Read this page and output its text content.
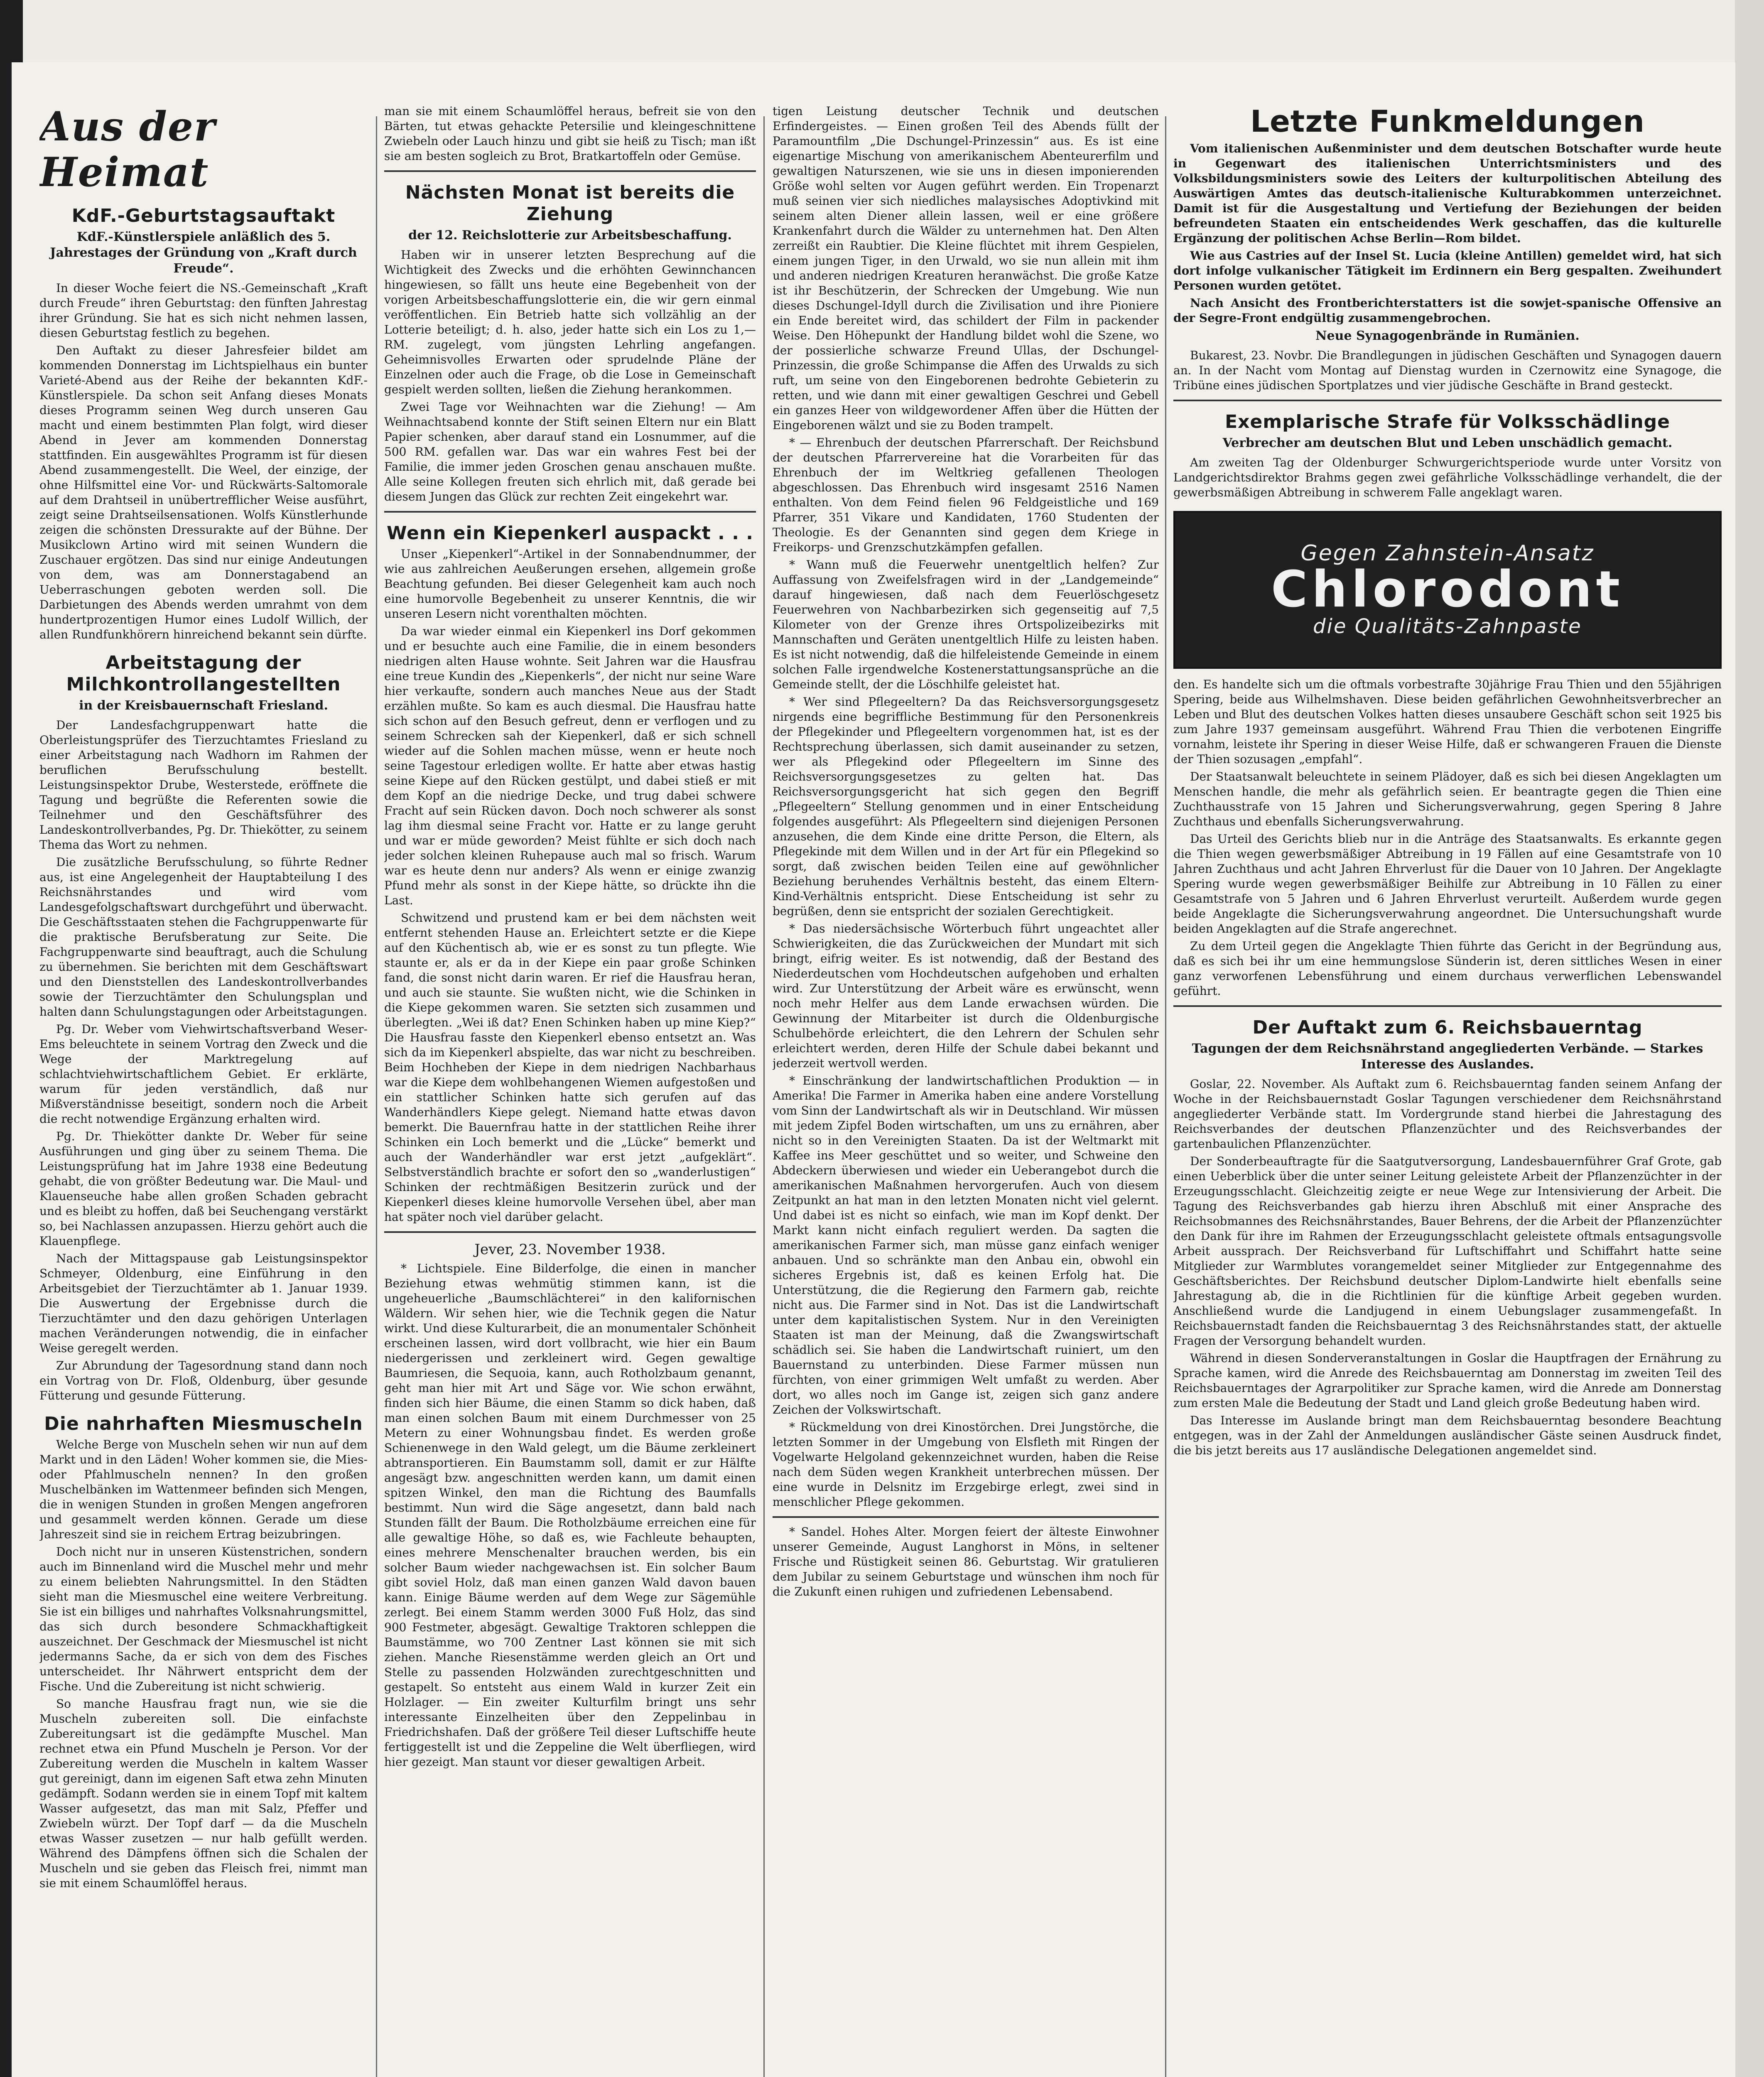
Aus der Heimat
KdF.-Geburtstagsauftakt
KdF.-Künstlerspiele anläßlich des 5. Jahrestages der Gründung von „Kraft durch Freude“.

In dieser Woche feiert die NS.-Gemeinschaft „Kraft durch Freude“ ihren Geburtstag: den fünften Jahrestag ihrer Gründung. Sie hat es sich nicht nehmen lassen, diesen Geburtstag festlich zu begehen.

Den Auftakt zu dieser Jahresfeier bildet am kommenden Donnerstag im Lichtspielhaus ein bunter Varieté-Abend aus der Reihe der bekannten KdF.-Künstlerspiele. Da schon seit Anfang dieses Monats dieses Programm seinen Weg durch unseren Gau macht und einem bestimmten Plan folgt, wird dieser Abend in Jever am kommenden Donnerstag stattfinden. Ein ausgewähltes Programm ist für diesen Abend zusammengestellt. Die Weel, der einzige, der ohne Hilfsmittel eine Vor- und Rückwärts-Saltomorale auf dem Drahtseil in unübertrefflicher Weise ausführt, zeigt seine Drahtseilsensationen. Wolfs Künstlerhunde zeigen die schönsten Dressurakte auf der Bühne. Der Musikclown Artino wird mit seinen Wundern die Zuschauer ergötzen. Das sind nur einige Andeutungen von dem, was am Donnerstagabend an Ueberraschungen geboten werden soll. Die Darbietungen des Abends werden umrahmt von dem hundertprozentigen Humor eines Ludolf Willich, der allen Rundfunkhörern hinreichend bekannt sein dürfte.

Arbeitstagung der Milchkontrollangestellten
in der Kreisbauernschaft Friesland.

Der Landesfachgruppenwart hatte die Oberleistungsprüfer des Tierzuchtamtes Friesland zu einer Arbeitstagung nach Wadhorn im Rahmen der beruflichen Berufsschulung bestellt. Leistungsinspektor Drube, Westerstede, eröffnete die Tagung und begrüßte die Referenten sowie die Teilnehmer und den Geschäftsführer des Landeskontrollverbandes, Pg. Dr. Thiekötter, zu seinem Thema das Wort zu nehmen.

Die zusätzliche Berufsschulung, so führte Redner aus, ist eine Angelegenheit der Hauptabteilung I des Reichsnährstandes und wird vom Landesgefolgschaftswart durchgeführt und überwacht. Die Geschäftsstaaten stehen die Fachgruppenwarte für die praktische Berufsberatung zur Seite. Die Fachgruppenwarte sind beauftragt, auch die Schulung zu übernehmen. Sie berichten mit dem Geschäftswart und den Dienststellen des Landeskontrollverbandes sowie der Tierzuchtämter den Schulungsplan und halten dann Schulungstagungen oder Arbeitstagungen.

Pg. Dr. Weber vom Viehwirtschaftsverband Weser-Ems beleuchtete in seinem Vortrag den Zweck und die Wege der Marktregelung auf schlachtviehwirtschaftlichem Gebiet. Er erklärte, warum für jeden verständlich, daß nur Mißverständnisse beseitigt, sondern noch die Arbeit die recht notwendige Ergänzung erhalten wird.

Pg. Dr. Thiekötter dankte Dr. Weber für seine Ausführungen und ging über zu seinem Thema. Die Leistungsprüfung hat im Jahre 1938 eine Bedeutung gehabt, die von größter Bedeutung war. Die Maul- und Klauenseuche habe allen großen Schaden gebracht und es bleibt zu hoffen, daß bei Seuchengang verstärkt so, bei Nachlassen anzupassen. Hierzu gehört auch die Klauenpflege.

Nach der Mittagspause gab Leistungsinspektor Schmeyer, Oldenburg, eine Einführung in den Arbeitsgebiet der Tierzuchtämter ab 1. Januar 1939. Die Auswertung der Ergebnisse durch die Tierzuchtämter und den dazu gehörigen Unterlagen machen Veränderungen notwendig, die in einfacher Weise geregelt werden.

Zur Abrundung der Tagesordnung stand dann noch ein Vortrag von Dr. Floß, Oldenburg, über gesunde Fütterung und gesunde Fütterung.

Die nahrhaften Miesmuscheln

Welche Berge von Muscheln sehen wir nun auf dem Markt und in den Läden! Woher kommen sie, die Mies- oder Pfahlmuscheln nennen? In den großen Muschelbänken im Wattenmeer befinden sich Mengen, die in wenigen Stunden in großen Mengen angefroren und gesammelt werden können. Gerade um diese Jahreszeit sind sie in reichem Ertrag beizubringen.

Doch nicht nur in unseren Küstenstrichen, sondern auch im Binnenland wird die Muschel mehr und mehr zu einem beliebten Nahrungsmittel. In den Städten sieht man die Miesmuschel eine weitere Verbreitung. Sie ist ein billiges und nahrhaftes Volksnahrungsmittel, das sich durch besondere Schmackhaftigkeit auszeichnet. Der Geschmack der Miesmuschel ist nicht jedermanns Sache, da er sich von dem des Fisches unterscheidet. Ihr Nährwert entspricht dem der Fische. Und die Zubereitung ist nicht schwierig.

So manche Hausfrau fragt nun, wie sie die Muscheln zubereiten soll. Die einfachste Zubereitungsart ist die gedämpfte Muschel. Man rechnet etwa ein Pfund Muscheln je Person. Vor der Zubereitung werden die Muscheln in kaltem Wasser gut gereinigt, dann im eigenen Saft etwa zehn Minuten gedämpft. Sodann werden sie in einem Topf mit kaltem Wasser aufgesetzt, das man mit Salz, Pfeffer und Zwiebeln würzt. Der Topf darf — da die Muscheln etwas Wasser zusetzen — nur halb gefüllt werden. Während des Dämpfens öffnen sich die Schalen der Muscheln und sie geben das Fleisch frei, nimmt man sie mit einem Schaumlöffel heraus.

man sie mit einem Schaumlöffel heraus, befreit sie von den Bärten, tut etwas gehackte Petersilie und kleingeschnittene Zwiebeln oder Lauch hinzu und gibt sie heiß zu Tisch; man ißt sie am besten sogleich zu Brot, Bratkartoffeln oder Gemüse.

Nächsten Monat ist bereits die Ziehung
der 12. Reichslotterie zur Arbeitsbeschaffung.

Haben wir in unserer letzten Besprechung auf die Wichtigkeit des Zwecks und die erhöhten Gewinnchancen hingewiesen, so fällt uns heute eine Begebenheit von der vorigen Arbeitsbeschaffungslotterie ein, die wir gern einmal veröffentlichen. Ein Betrieb hatte sich vollzählig an der Lotterie beteiligt; d. h. also, jeder hatte sich ein Los zu 1,— RM. zugelegt, vom jüngsten Lehrling angefangen. Geheimnisvolles Erwarten oder sprudelnde Pläne der Einzelnen oder auch die Frage, ob die Lose in Gemeinschaft gespielt werden sollten, ließen die Ziehung herankommen.

Zwei Tage vor Weihnachten war die Ziehung! — Am Weihnachtsabend konnte der Stift seinen Eltern nur ein Blatt Papier schenken, aber darauf stand ein Losnummer, auf die 500 RM. gefallen war. Das war ein wahres Fest bei der Familie, die immer jeden Groschen genau anschauen mußte. Alle seine Kollegen freuten sich ehrlich mit, daß gerade bei diesem Jungen das Glück zur rechten Zeit eingekehrt war.

Wenn ein Kiepenkerl auspackt . . .

Unser „Kiepenkerl“-Artikel in der Sonnabendnummer, der wie aus zahlreichen Aeußerungen ersehen, allgemein große Beachtung gefunden. Bei dieser Gelegenheit kam auch noch eine humorvolle Begebenheit zu unserer Kenntnis, die wir unseren Lesern nicht vorenthalten möchten.

Da war wieder einmal ein Kiepenkerl ins Dorf gekommen und er besuchte auch eine Familie, die in einem besonders niedrigen alten Hause wohnte. Seit Jahren war die Hausfrau eine treue Kundin des „Kiepenkerls“, der nicht nur seine Ware hier verkaufte, sondern auch manches Neue aus der Stadt erzählen mußte. So kam es auch diesmal. Die Hausfrau hatte sich schon auf den Besuch gefreut, denn er verflogen und zu seinem Schrecken sah der Kiepenkerl, daß er sich schnell wieder auf die Sohlen machen müsse, wenn er heute noch seine Tagestour erledigen wollte. Er hatte aber etwas hastig seine Kiepe auf den Rücken gestülpt, und dabei stieß er mit dem Kopf an die niedrige Decke, und trug dabei schwere Fracht auf sein Rücken davon. Doch noch schwerer als sonst lag ihm diesmal seine Fracht vor. Hatte er zu lange geruht und war er müde geworden? Meist fühlte er sich doch nach jeder solchen kleinen Ruhepause auch mal so frisch. Warum war es heute denn nur anders? Als wenn er einige zwanzig Pfund mehr als sonst in der Kiepe hätte, so drückte ihn die Last.

Schwitzend und prustend kam er bei dem nächsten weit entfernt stehenden Hause an. Erleichtert setzte er die Kiepe auf den Küchentisch ab, wie er es sonst zu tun pflegte. Wie staunte er, als er da in der Kiepe ein paar große Schinken fand, die sonst nicht darin waren. Er rief die Hausfrau heran, und auch sie staunte. Sie wußten nicht, wie die Schinken in die Kiepe gekommen waren. Sie setzten sich zusammen und überlegten. „Wei iß dat? Enen Schinken haben up mine Kiep?“ Die Hausfrau fasste den Kiepenkerl ebenso entsetzt an. Was sich da im Kiepenkerl abspielte, das war nicht zu beschreiben. Beim Hochheben der Kiepe in dem niedrigen Nachbarhaus war die Kiepe dem wohlbehangenen Wiemen aufgestoßen und ein stattlicher Schinken hatte sich gerufen auf das Wanderhändlers Kiepe gelegt. Niemand hatte etwas davon bemerkt. Die Bauernfrau hatte in der stattlichen Reihe ihrer Schinken ein Loch bemerkt und die „Lücke“ bemerkt und auch der Wanderhändler war erst jetzt „aufgeklärt“. Selbstverständlich brachte er sofort den so „wanderlustigen“ Schinken der rechtmäßigen Besitzerin zurück und der Kiepenkerl dieses kleine humorvolle Versehen übel, aber man hat später noch viel darüber gelacht.

Jever, 23. November 1938.

* Lichtspiele. Eine Bilderfolge, die einen in mancher Beziehung etwas wehmütig stimmen kann, ist die ungeheuerliche „Baumschlächterei“ in den kalifornischen Wäldern. Wir sehen hier, wie die Technik gegen die Natur wirkt. Und diese Kulturarbeit, die an monumentaler Schönheit erscheinen lassen, wird dort vollbracht, wie hier ein Baum niedergerissen und zerkleinert wird. Gegen gewaltige Baumriesen, die Sequoia, kann, auch Rotholzbaum genannt, geht man hier mit Art und Säge vor. Wie schon erwähnt, finden sich hier Bäume, die einen Stamm so dick haben, daß man einen solchen Baum mit einem Durchmesser von 25 Metern zu einer Wohnungsbau findet. Es werden große Schienenwege in den Wald gelegt, um die Bäume zerkleinert abtransportieren. Ein Baumstamm soll, damit er zur Hälfte angesägt bzw. angeschnitten werden kann, um damit einen spitzen Winkel, den man die Richtung des Baumfalls bestimmt. Nun wird die Säge angesetzt, dann bald nach Stunden fällt der Baum. Die Rotholzbäume erreichen eine für alle gewaltige Höhe, so daß es, wie Fachleute behaupten, eines mehrere Menschenalter brauchen werden, bis ein solcher Baum wieder nachgewachsen ist. Ein solcher Baum gibt soviel Holz, daß man einen ganzen Wald davon bauen kann. Einige Bäume werden auf dem Wege zur Sägemühle zerlegt. Bei einem Stamm werden 3000 Fuß Holz, das sind 900 Festmeter, abgesägt. Gewaltige Traktoren schleppen die Baumstämme, wo 700 Zentner Last können sie mit sich ziehen. Manche Riesenstämme werden gleich an Ort und Stelle zu passenden Holzwänden zurechtgeschnitten und gestapelt. So entsteht aus einem Wald in kurzer Zeit ein Holzlager. — Ein zweiter Kulturfilm bringt uns sehr interessante Einzelheiten über den Zeppelinbau in Friedrichshafen. Daß der größere Teil dieser Luftschiffe heute fertiggestellt ist und die Zeppeline die Welt überfliegen, wird hier gezeigt. Man staunt vor dieser gewaltigen Arbeit.

tigen Leistung deutscher Technik und deutschen Erfindergeistes. — Einen großen Teil des Abends füllt der Paramountfilm „Die Dschungel-Prinzessin“ aus. Es ist eine eigenartige Mischung von amerikanischem Abenteurerfilm und gewaltigen Naturszenen, wie sie uns in diesen imponierenden Größe wohl selten vor Augen geführt werden. Ein Tropenarzt muß seinen vier sich niedliches malaysisches Adoptivkind mit seinem alten Diener allein lassen, weil er eine größere Krankenfahrt durch die Wälder zu unternehmen hat. Den Alten zerreißt ein Raubtier. Die Kleine flüchtet mit ihrem Gespielen, einem jungen Tiger, in den Urwald, wo sie nun allein mit ihm und anderen niedrigen Kreaturen heranwächst. Die große Katze ist ihr Beschützerin, der Schrecken der Umgebung. Wie nun dieses Dschungel-Idyll durch die Zivilisation und ihre Pioniere ein Ende bereitet wird, das schildert der Film in packender Weise. Den Höhepunkt der Handlung bildet wohl die Szene, wo der possierliche schwarze Freund Ullas, der Dschungel-Prinzessin, die große Schimpanse die Affen des Urwalds zu sich ruft, um seine von den Eingeborenen bedrohte Gebieterin zu retten, und wie dann mit einer gewaltigen Geschrei und Gebell ein ganzes Heer von wildgewordener Affen über die Hütten der Eingeborenen wälzt und sie zu Boden trampelt.

* — Ehrenbuch der deutschen Pfarrerschaft. Der Reichsbund der deutschen Pfarrervereine hat die Vorarbeiten für das Ehrenbuch der im Weltkrieg gefallenen Theologen abgeschlossen. Das Ehrenbuch wird insgesamt 2516 Namen enthalten. Von dem Feind fielen 96 Feldgeistliche und 169 Pfarrer, 351 Vikare und Kandidaten, 1760 Studenten der Theologie. Es der Genannten sind gegen dem Kriege in Freikorps- und Grenzschutzkämpfen gefallen.

* Wann muß die Feuerwehr unentgeltlich helfen? Zur Auffassung von Zweifelsfragen wird in der „Landgemeinde“ darauf hingewiesen, daß nach dem Feuerlöschgesetz Feuerwehren von Nachbarbezirken sich gegenseitig auf 7,5 Kilometer von der Grenze ihres Ortspolizeibezirks mit Mannschaften und Geräten unentgeltlich Hilfe zu leisten haben. Es ist nicht notwendig, daß die hilfeleistende Gemeinde in einem solchen Falle irgendwelche Kostenerstattungsansprüche an die Gemeinde stellt, der die Löschhilfe geleistet hat.

* Wer sind Pflegeeltern? Da das Reichsversorgungsgesetz nirgends eine begriffliche Bestimmung für den Personenkreis der Pflegekinder und Pflegeeltern vorgenommen hat, ist es der Rechtsprechung überlassen, sich damit auseinander zu setzen, wer als Pflegekind oder Pflegeeltern im Sinne des Reichsversorgungsgesetzes zu gelten hat. Das Reichsversorgungsgericht hat sich gegen den Begriff „Pflegeeltern“ Stellung genommen und in einer Entscheidung folgendes ausgeführt: Als Pflegeeltern sind diejenigen Personen anzusehen, die dem Kinde eine dritte Person, die Eltern, als Pflegekinde mit dem Willen und in der Art für ein Pflegekind so sorgt, daß zwischen beiden Teilen eine auf gewöhnlicher Beziehung beruhendes Verhältnis besteht, das einem Eltern-Kind-Verhältnis entspricht. Diese Entscheidung ist sehr zu begrüßen, denn sie entspricht der sozialen Gerechtigkeit.

* Das niedersächsische Wörterbuch führt ungeachtet aller Schwierigkeiten, die das Zurückweichen der Mundart mit sich bringt, eifrig weiter. Es ist notwendig, daß der Bestand des Niederdeutschen vom Hochdeutschen aufgehoben und erhalten wird. Zur Unterstützung der Arbeit wäre es erwünscht, wenn noch mehr Helfer aus dem Lande erwachsen würden. Die Gewinnung der Mitarbeiter ist durch die Oldenburgische Schulbehörde erleichtert, die den Lehrern der Schulen sehr erleichtert werden, deren Hilfe der Schule dabei bekannt und jederzeit wertvoll werden.

* Einschränkung der landwirtschaftlichen Produktion — in Amerika! Die Farmer in Amerika haben eine andere Vorstellung vom Sinn der Landwirtschaft als wir in Deutschland. Wir müssen mit jedem Zipfel Boden wirtschaften, um uns zu ernähren, aber nicht so in den Vereinigten Staaten. Da ist der Weltmarkt mit Kaffee ins Meer geschüttet und so weiter, und Schweine den Abdeckern überwiesen und wieder ein Ueberangebot durch die amerikanischen Maßnahmen hervorgerufen. Auch von diesem Zeitpunkt an hat man in den letzten Monaten nicht viel gelernt. Und dabei ist es nicht so einfach, wie man im Kopf denkt. Der Markt kann nicht einfach reguliert werden. Da sagten die amerikanischen Farmer sich, man müsse ganz einfach weniger anbauen. Und so schränkte man den Anbau ein, obwohl ein sicheres Ergebnis ist, daß es keinen Erfolg hat. Die Unterstützung, die die Regierung den Farmern gab, reichte nicht aus. Die Farmer sind in Not. Das ist die Landwirtschaft unter dem kapitalistischen System. Nur in den Vereinigten Staaten ist man der Meinung, daß die Zwangswirtschaft schädlich sei. Sie haben die Landwirtschaft ruiniert, um den Bauernstand zu unterbinden. Diese Farmer müssen nun fürchten, von einer grimmigen Welt umfaßt zu werden. Aber dort, wo alles noch im Gange ist, zeigen sich ganz andere Zeichen der Volkswirtschaft.

* Rückmeldung von drei Kinostörchen. Drei Jungstörche, die letzten Sommer in der Umgebung von Elsfleth mit Ringen der Vogelwarte Helgoland gekennzeichnet wurden, haben die Reise nach dem Süden wegen Krankheit unterbrechen müssen. Der eine wurde in Delsnitz im Erzgebirge erlegt, zwei sind in menschlicher Pflege gekommen.

* Sandel. Hohes Alter. Morgen feiert der älteste Einwohner unserer Gemeinde, August Langhorst in Möns, in seltener Frische und Rüstigkeit seinen 86. Geburtstag. Wir gratulieren dem Jubilar zu seinem Geburtstage und wünschen ihm noch für die Zukunft einen ruhigen und zufriedenen Lebensabend.

Letzte Funkmeldungen

Vom italienischen Außenminister und dem deutschen Botschafter wurde heute in Gegenwart des italienischen Unterrichtsministers und des Volksbildungsministers sowie des Leiters der kulturpolitischen Abteilung des Auswärtigen Amtes das deutsch-italienische Kulturabkommen unterzeichnet. Damit ist für die Ausgestaltung und Vertiefung der Beziehungen der beiden befreundeten Staaten ein entscheidendes Werk geschaffen, das die kulturelle Ergänzung der politischen Achse Berlin—Rom bildet.

Wie aus Castries auf der Insel St. Lucia (kleine Antillen) gemeldet wird, hat sich dort infolge vulkanischer Tätigkeit im Erdinnern ein Berg gespalten. Zweihundert Personen wurden getötet.

Nach Ansicht des Frontberichterstatters ist die sowjet-spanische Offensive an der Segre-Front endgültig zusammengebrochen.

Neue Synagogenbrände in Rumänien.

Bukarest, 23. Novbr. Die Brandlegungen in jüdischen Geschäften und Synagogen dauern an. In der Nacht vom Montag auf Dienstag wurden in Czernowitz eine Synagoge, die Tribüne eines jüdischen Sportplatzes und vier jüdische Geschäfte in Brand gesteckt.

Exemplarische Strafe für Volksschädlinge
Verbrecher am deutschen Blut und Leben unschädlich gemacht.

Am zweiten Tag der Oldenburger Schwurgerichtsperiode wurde unter Vorsitz von Landgerichtsdirektor Brahms gegen zwei gefährliche Volksschädlinge verhandelt, die der gewerbsmäßigen Abtreibung in schwerem Falle angeklagt waren.

Gegen Zahnstein-Ansatz
Chlorodont
die Qualitäts-Zahnpaste

den. Es handelte sich um die oftmals vorbestrafte 30jährige Frau Thien und den 55jährigen Spering, beide aus Wilhelmshaven. Diese beiden gefährlichen Gewohnheitsverbrecher an Leben und Blut des deutschen Volkes hatten dieses unsaubere Geschäft schon seit 1925 bis zum Jahre 1937 gemeinsam ausgeführt. Während Frau Thien die verbotenen Eingriffe vornahm, leistete ihr Spering in dieser Weise Hilfe, daß er schwangeren Frauen die Dienste der Thien sozusagen „empfahl“.

Der Staatsanwalt beleuchtete in seinem Plädoyer, daß es sich bei diesen Angeklagten um Menschen handle, die mehr als gefährlich seien. Er beantragte gegen die Thien eine Zuchthausstrafe von 15 Jahren und Sicherungsverwahrung, gegen Spering 8 Jahre Zuchthaus und ebenfalls Sicherungsverwahrung.

Das Urteil des Gerichts blieb nur in die Anträge des Staatsanwalts. Es erkannte gegen die Thien wegen gewerbsmäßiger Abtreibung in 19 Fällen auf eine Gesamtstrafe von 10 Jahren Zuchthaus und acht Jahren Ehrverlust für die Dauer von 10 Jahren. Der Angeklagte Spering wurde wegen gewerbsmäßiger Beihilfe zur Abtreibung in 10 Fällen zu einer Gesamtstrafe von 5 Jahren und 6 Jahren Ehrverlust verurteilt. Außerdem wurde gegen beide Angeklagte die Sicherungsverwahrung angeordnet. Die Untersuchungshaft wurde beiden Angeklagten auf die Strafe angerechnet.

Zu dem Urteil gegen die Angeklagte Thien führte das Gericht in der Begründung aus, daß es sich bei ihr um eine hemmungslose Sünderin ist, deren sittliches Wesen in einer ganz verworfenen Lebensführung und einem durchaus verwerflichen Lebenswandel geführt.

Der Auftakt zum 6. Reichsbauerntag
Tagungen der dem Reichsnährstand angegliederten Verbände. — Starkes Interesse des Auslandes.

Goslar, 22. November. Als Auftakt zum 6. Reichsbauerntag fanden seinem Anfang der Woche in der Reichsbauernstadt Goslar Tagungen verschiedener dem Reichsnährstand angegliederter Verbände statt. Im Vordergrunde stand hierbei die Jahrestagung des Reichsverbandes der deutschen Pflanzenzüchter und des Reichsverbandes der gartenbaulichen Pflanzenzüchter.

Der Sonderbeauftragte für die Saatgutversorgung, Landesbauernführer Graf Grote, gab einen Ueberblick über die unter seiner Leitung geleistete Arbeit der Pflanzenzüchter in der Erzeugungsschlacht. Gleichzeitig zeigte er neue Wege zur Intensivierung der Arbeit. Die Tagung des Reichsverbandes gab hierzu ihren Abschluß mit einer Ansprache des Reichsobmannes des Reichsnährstandes, Bauer Behrens, der die Arbeit der Pflanzenzüchter den Dank für ihre im Rahmen der Erzeugungsschlacht geleistete oftmals entsagungsvolle Arbeit aussprach. Der Reichsverband für Luftschiffahrt und Schiffahrt hatte seine Mitglieder zur Warmblutes vorangemeldet seiner Mitglieder zur Entgegennahme des Geschäftsberichtes. Der Reichsbund deutscher Diplom-Landwirte hielt ebenfalls seine Jahrestagung ab, die in die Richtlinien für die künftige Arbeit gegeben wurden. Anschließend wurde die Landjugend in einem Uebungslager zusammengefaßt. In Reichsbauernstadt fanden die Reichsbauerntag 3 des Reichsnährstandes statt, der aktuelle Fragen der Versorgung behandelt wurden.

Während in diesen Sonderveranstaltungen in Goslar die Hauptfragen der Ernährung zu Sprache kamen, wird die Anrede des Reichsbauerntag am Donnerstag im zweiten Teil des Reichsbauerntages der Agrarpolitiker zur Sprache kamen, wird die Anrede am Donnerstag zum ersten Male die Bedeutung der Stadt und Land gleich große Bedeutung haben wird.

Das Interesse im Auslande bringt man dem Reichsbauerntag besondere Beachtung entgegen, was in der Zahl der Anmeldungen ausländischer Gäste seinen Ausdruck findet, die bis jetzt bereits aus 17 ausländische Delegationen angemeldet sind.
